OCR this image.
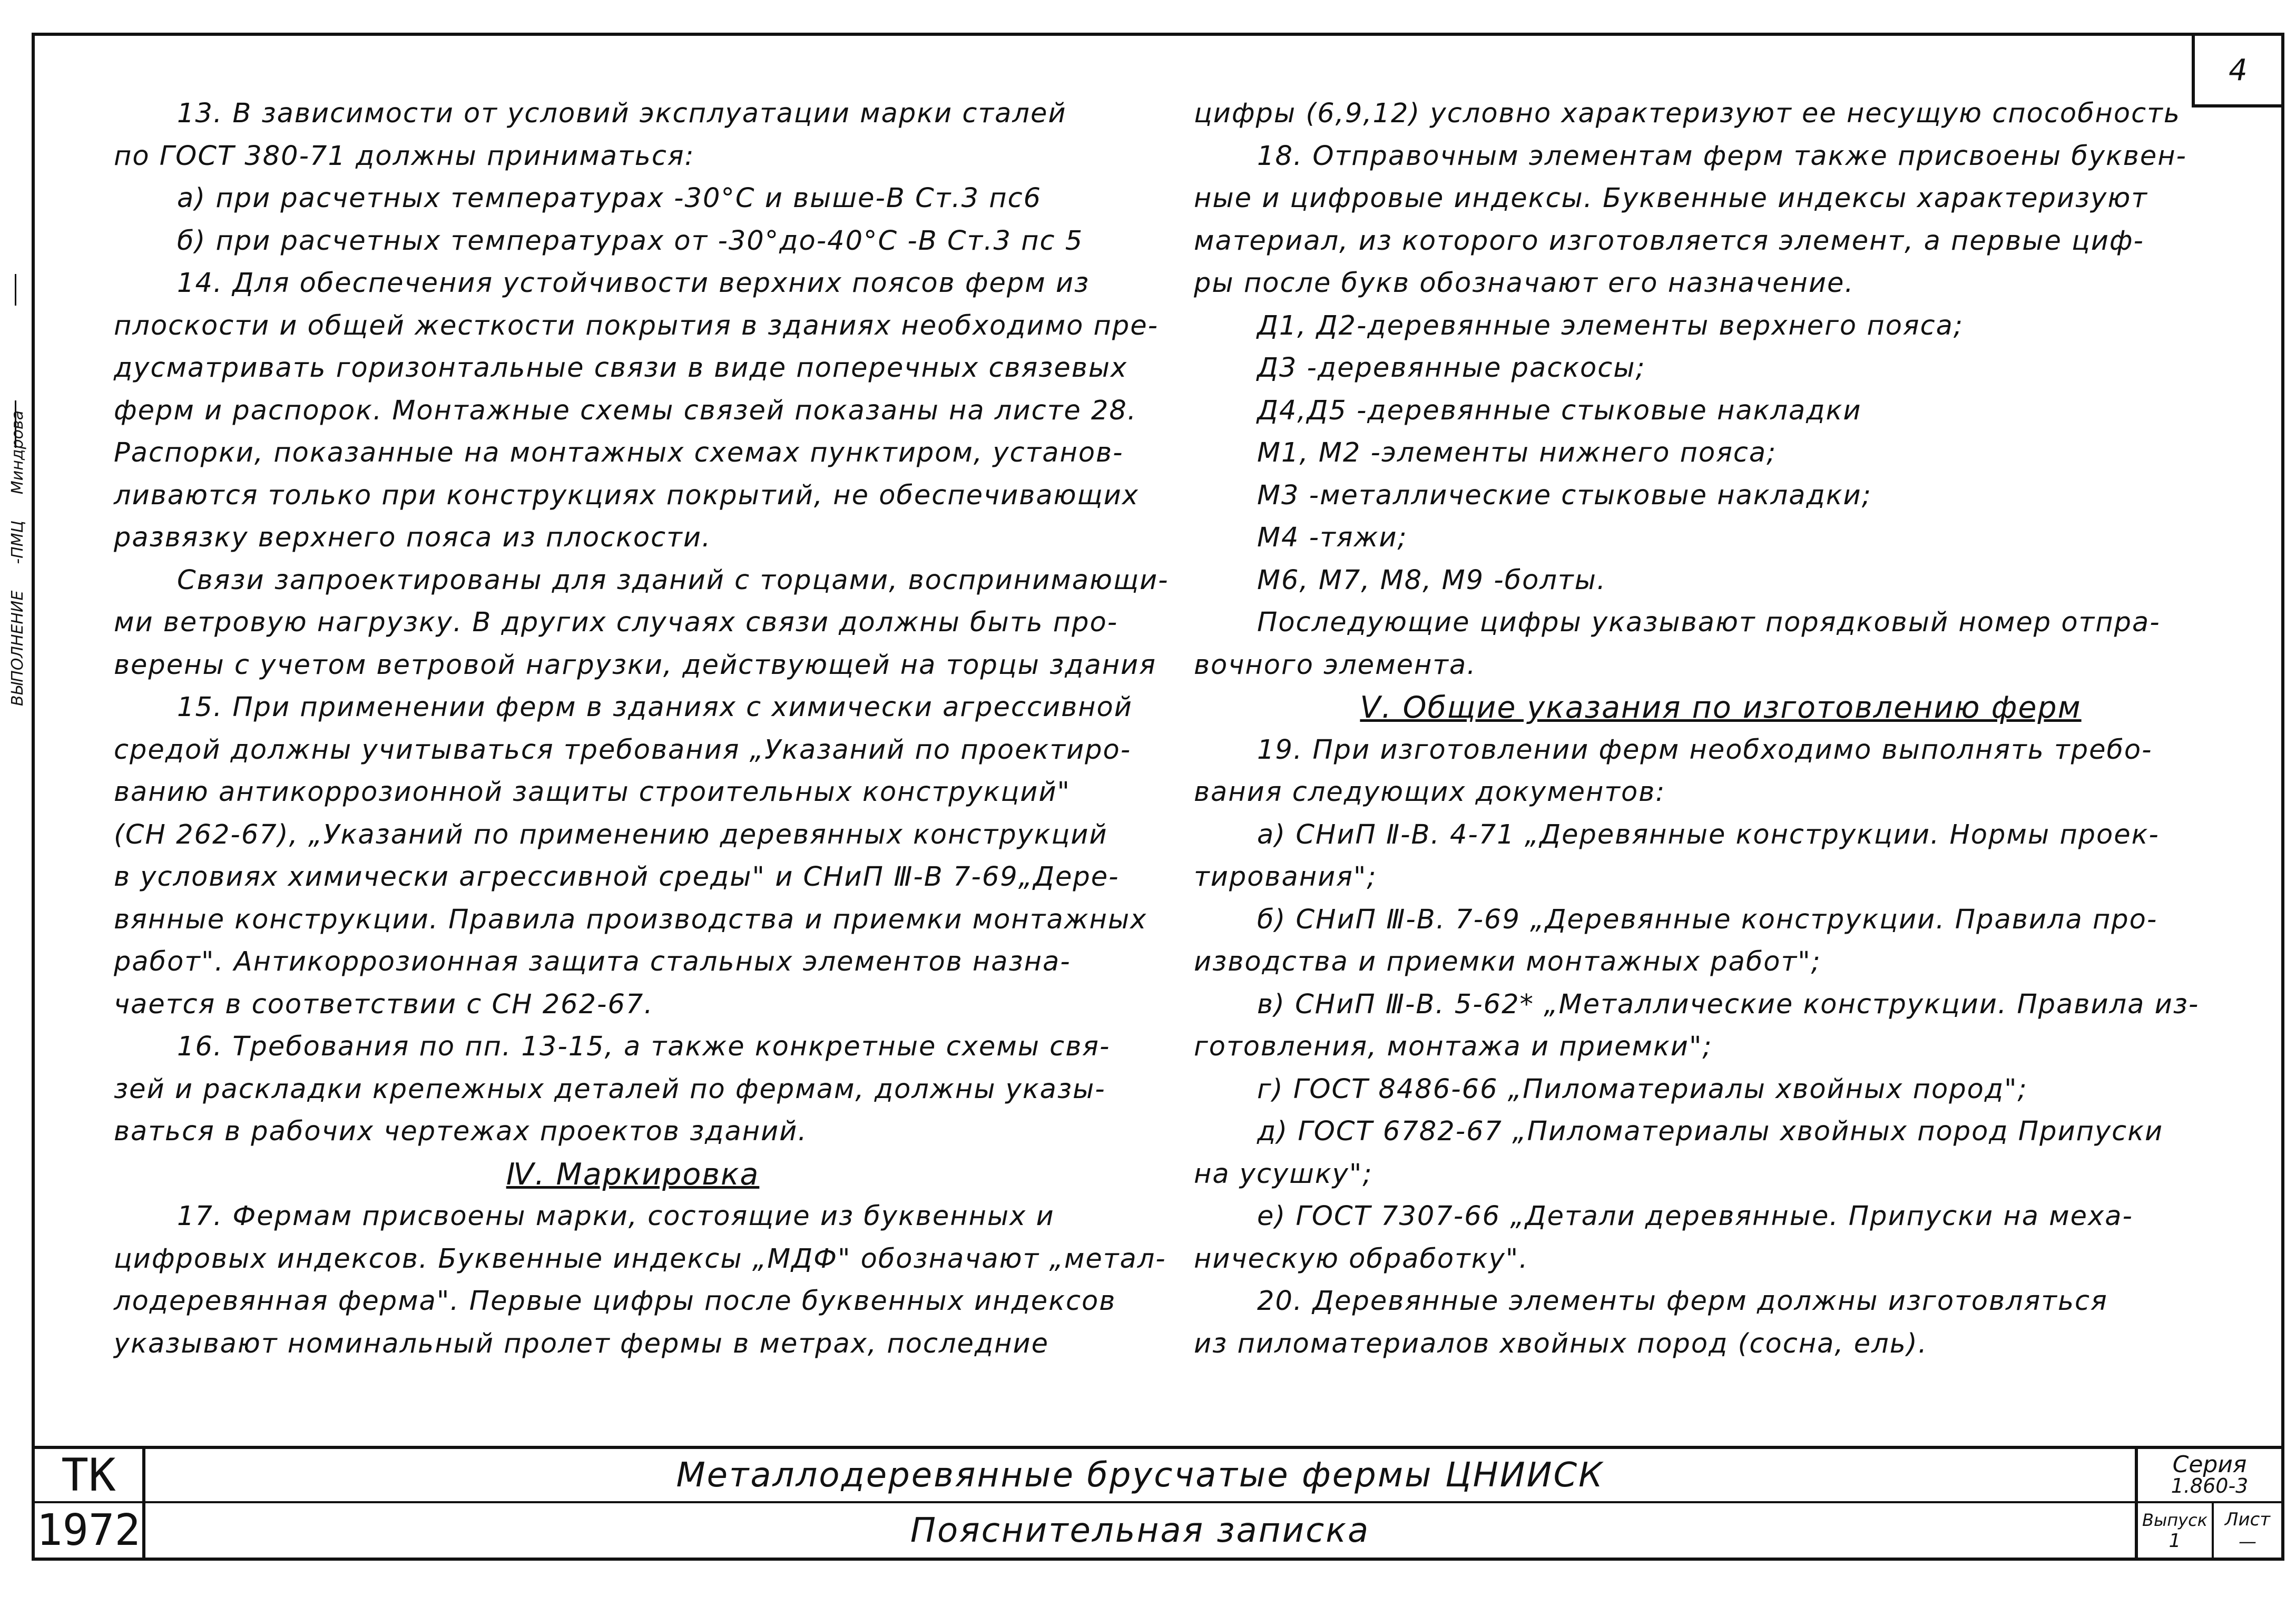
ВЫПОЛНЕНИЕ
-ПМЦ
Миндрова
4

13. В зависимости от условий эксплуатации марки сталей

по ГОСТ 380-71 должны приниматься:

а) при расчетных температурах -30°С и выше-В Ст.3 пс6

б) при расчетных температурах от -30°до-40°С -В Ст.3 пс 5

14. Для обеспечения устойчивости верхних поясов ферм из

плоскости и общей жесткости покрытия в зданиях необходимо пре-

дусматривать горизонтальные связи в виде поперечных связевых

ферм и распорок. Монтажные схемы связей показаны на листе 28.

Распорки, показанные на монтажных схемах пунктиром, установ-

ливаются только при конструкциях покрытий, не обеспечивающих

развязку верхнего пояса из плоскости.

Связи запроектированы для зданий с торцами, воспринимающи-

ми ветровую нагрузку. В других случаях связи должны быть про-

верены с учетом ветровой нагрузки, действующей на торцы здания

15. При применении ферм в зданиях с химически агрессивной

средой должны учитываться требования „Указаний по проектиро-

ванию антикоррозионной защиты строительных конструкций"

(СН 262-67), „Указаний по применению деревянных конструкций

в условиях химически агрессивной среды" и СНиП Ⅲ-В 7-69„Дере-

вянные конструкции. Правила производства и приемки монтажных

работ". Антикоррозионная защита стальных элементов назна-

чается в соответствии с СН 262-67.

16. Требования по пп. 13-15, а также конкретные схемы свя-

зей и раскладки крепежных деталей по фермам, должны указы-

ваться в рабочих чертежах проектов зданий.

Ⅳ. Маркировка

17. Фермам присвоены марки, состоящие из буквенных и

цифровых индексов. Буквенные индексы „МДФ" обозначают „метал-

лодеревянная ферма". Первые цифры после буквенных индексов

указывают номинальный пролет фермы в метрах, последние

цифры (6,9,12) условно характеризуют ее несущую способность

18. Отправочным элементам ферм также присвоены буквен-

ные и цифровые индексы. Буквенные индексы характеризуют

материал, из которого изготовляется элемент, а первые циф-

ры после букв обозначают его назначение.

Д1, Д2-деревянные элементы верхнего пояса;

Д3 -деревянные раскосы;

Д4,Д5 -деревянные стыковые накладки

М1, М2 -элементы нижнего пояса;

М3 -металлические стыковые накладки;

М4 -тяжи;

М6, М7, М8, М9 -болты.

Последующие цифры указывают порядковый номер отпра-

вочного элемента.

Ⅴ. Общие указания по изготовлению ферм

19. При изготовлении ферм необходимо выполнять требо-

вания следующих документов:

а) СНиП Ⅱ-В. 4-71 „Деревянные конструкции. Нормы проек-

тирования";

б) СНиП Ⅲ-В. 7-69 „Деревянные конструкции. Правила про-

изводства и приемки монтажных работ";

в) СНиП Ⅲ-В. 5-62* „Металлические конструкции. Правила из-

готовления, монтажа и приемки";

г) ГОСТ 8486-66 „Пиломатериалы хвойных пород";

д) ГОСТ 6782-67 „Пиломатериалы хвойных пород Припуски

на усушку";

е) ГОСТ 7307-66 „Детали деревянные. Припуски на меха-

ническую обработку".

20. Деревянные элементы ферм должны изготовляться

из пиломатериалов хвойных пород (сосна, ель).

ТК
1972
Металлодеревянные брусчатые фермы ЦНИИСК
Пояснительная записка
Серия
1.860-3
Выпуск
1
Лист
—
